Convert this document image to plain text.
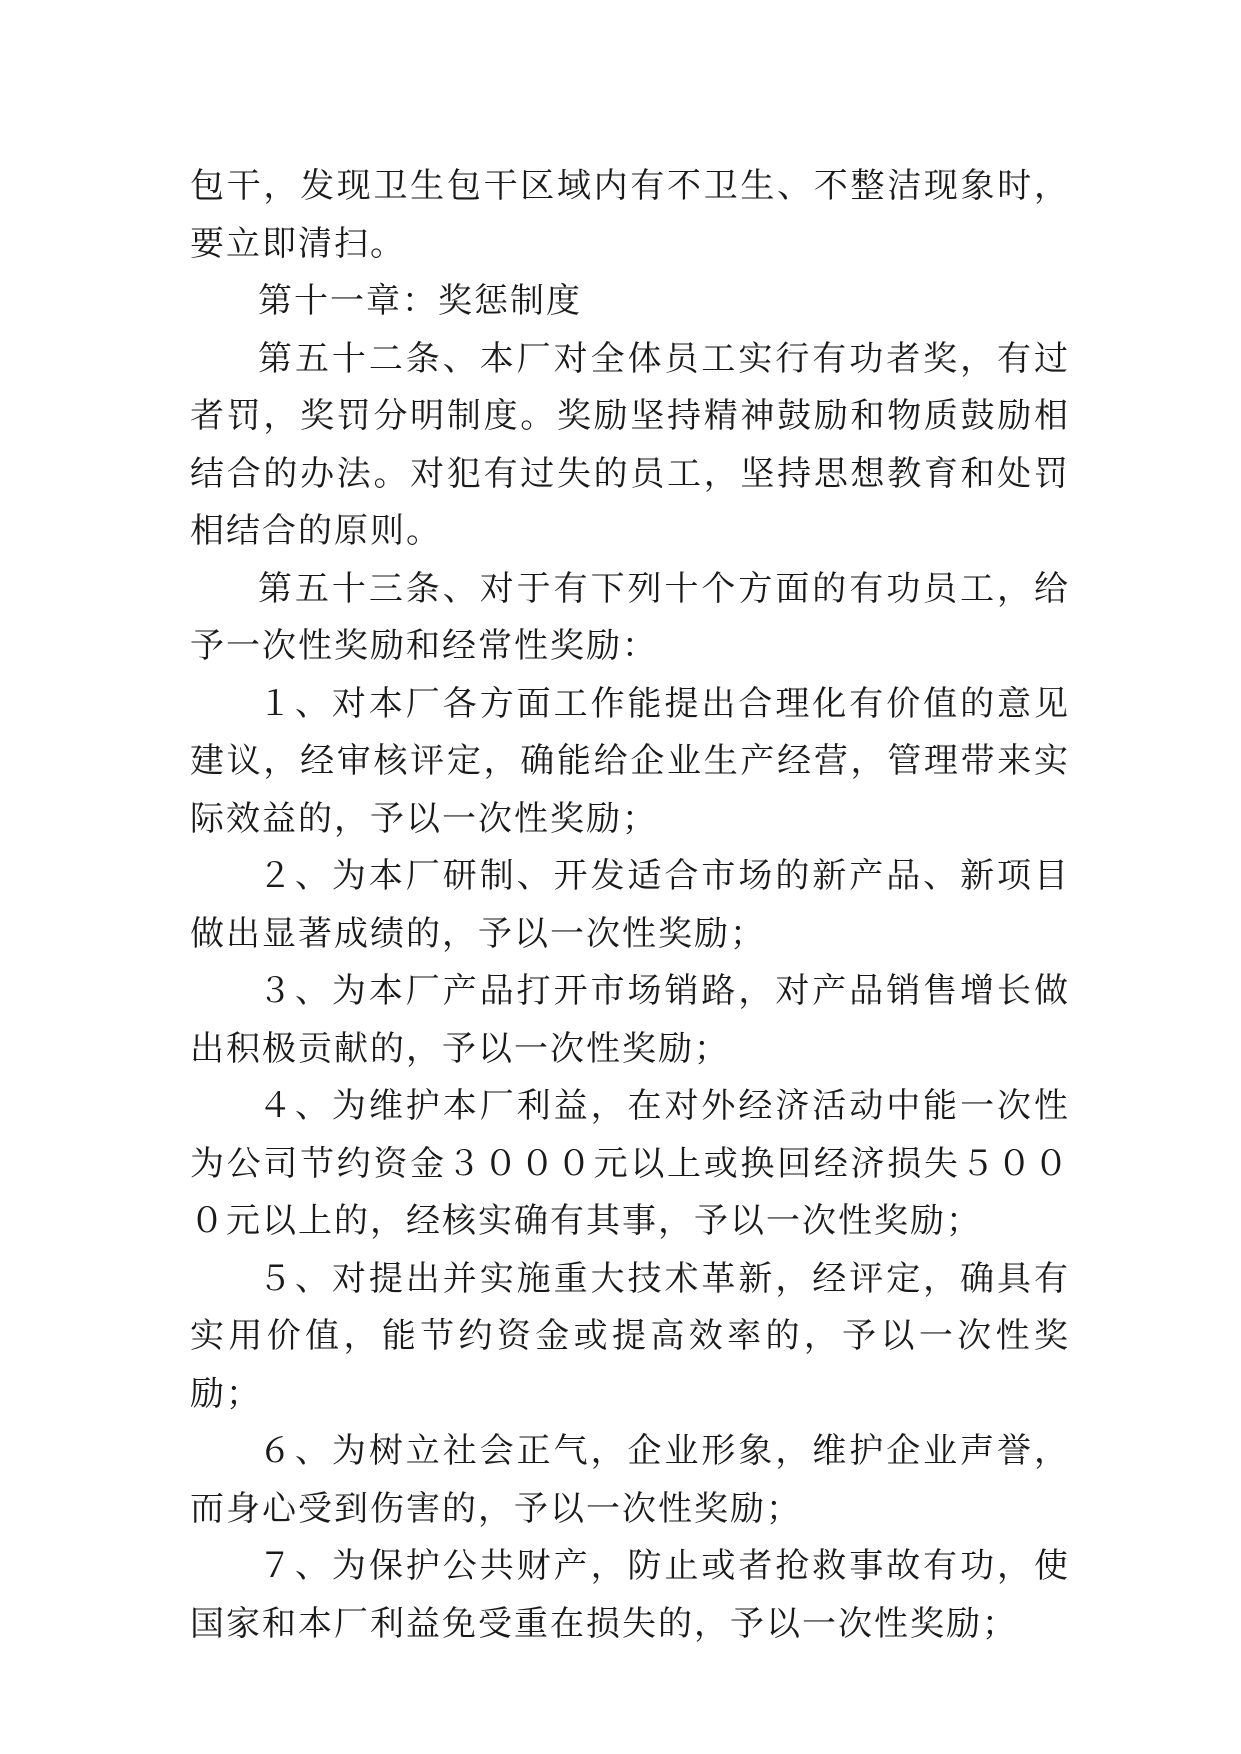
包干，发现卫生包干区域内有不卫生、不整洁现象时，要立即清扫。

第十一章：奖惩制度

第五十二条、本厂对全体员工实行有功者奖，有过者罚，奖罚分明制度。奖励坚持精神鼓励和物质鼓励相结合的办法。对犯有过失的员工，坚持思想教育和处罚相结合的原则。

第五十三条、对于有下列十个方面的有功员工，给予一次性奖励和经常性奖励：

１、对本厂各方面工作能提出合理化有价值的意见建议，经审核评定，确能给企业生产经营，管理带来实际效益的，予以一次性奖励；

２、为本厂研制、开发适合市场的新产品、新项目做出显著成绩的，予以一次性奖励；

３、为本厂产品打开市场销路，对产品销售增长做出积极贡献的，予以一次性奖励；

４、为维护本厂利益，在对外经济活动中能一次性为公司节约资金３０００元以上或换回经济损失５０００元以上的，经核实确有其事，予以一次性奖励；

５、对提出并实施重大技术革新，经评定，确具有实用价值，能节约资金或提高效率的，予以一次性奖励；

６、为树立社会正气，企业形象，维护企业声誉，而身心受到伤害的，予以一次性奖励；

７、为保护公共财产，防止或者抢救事故有功，使国家和本厂利益免受重在损失的，予以一次性奖励；
